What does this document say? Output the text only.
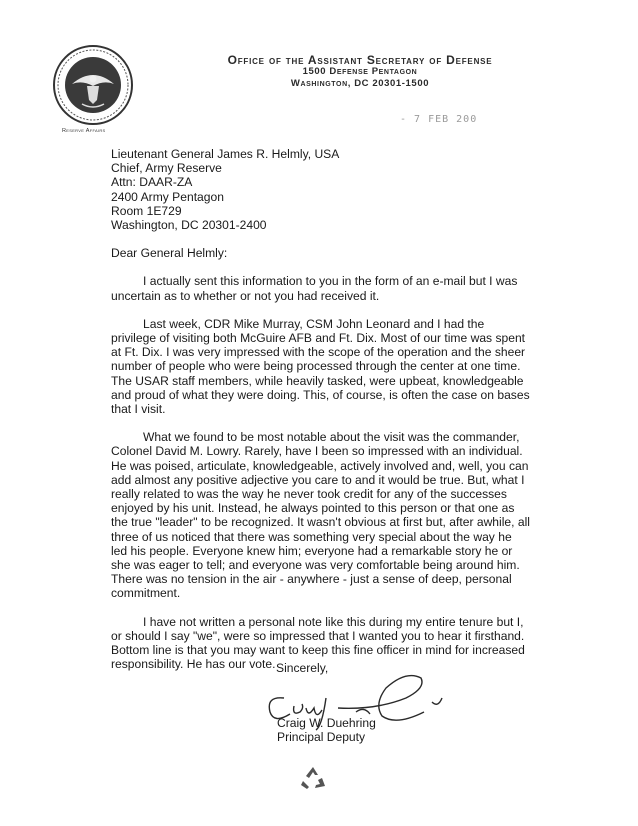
Office of the Assistant Secretary of Defense
1500 Defense Pentagon
Washington, DC 20301-1500
Reserve Affairs
- 7 FEB 200
Lieutenant General James R. Helmly, USA
Chief, Army Reserve
Attn: DAAR-ZA
2400 Army Pentagon
Room 1E729
Washington, DC 20301-2400

Dear General Helmly:

I actually sent this information to you in the form of an e-mail but I was uncertain as to whether or not you had received it.

Last week, CDR Mike Murray, CSM John Leonard and I had the privilege of visiting both McGuire AFB and Ft. Dix. Most of our time was spent at Ft. Dix. I was very impressed with the scope of the operation and the sheer number of people who were being processed through the center at one time. The USAR staff members, while heavily tasked, were upbeat, knowledgeable and proud of what they were doing. This, of course, is often the case on bases that I visit.

What we found to be most notable about the visit was the commander, Colonel David M. Lowry. Rarely, have I been so impressed with an individual. He was poised, articulate, knowledgeable, actively involved and, well, you can add almost any positive adjective you care to and it would be true. But, what I really related to was the way he never took credit for any of the successes enjoyed by his unit. Instead, he always pointed to this person or that one as the true "leader" to be recognized. It wasn't obvious at first but, after awhile, all three of us noticed that there was something very special about the way he led his people. Everyone knew him; everyone had a remarkable story he or she was eager to tell; and everyone was very comfortable being around him. There was no tension in the air - anywhere - just a sense of deep, personal commitment.

I have not written a personal note like this during my entire tenure but I, or should I say "we", were so impressed that I wanted you to hear it firsthand. Bottom line is that you may want to keep this fine officer in mind for increased responsibility. He has our vote. Sincerely,
Craig W. Duehring
Principal Deputy
